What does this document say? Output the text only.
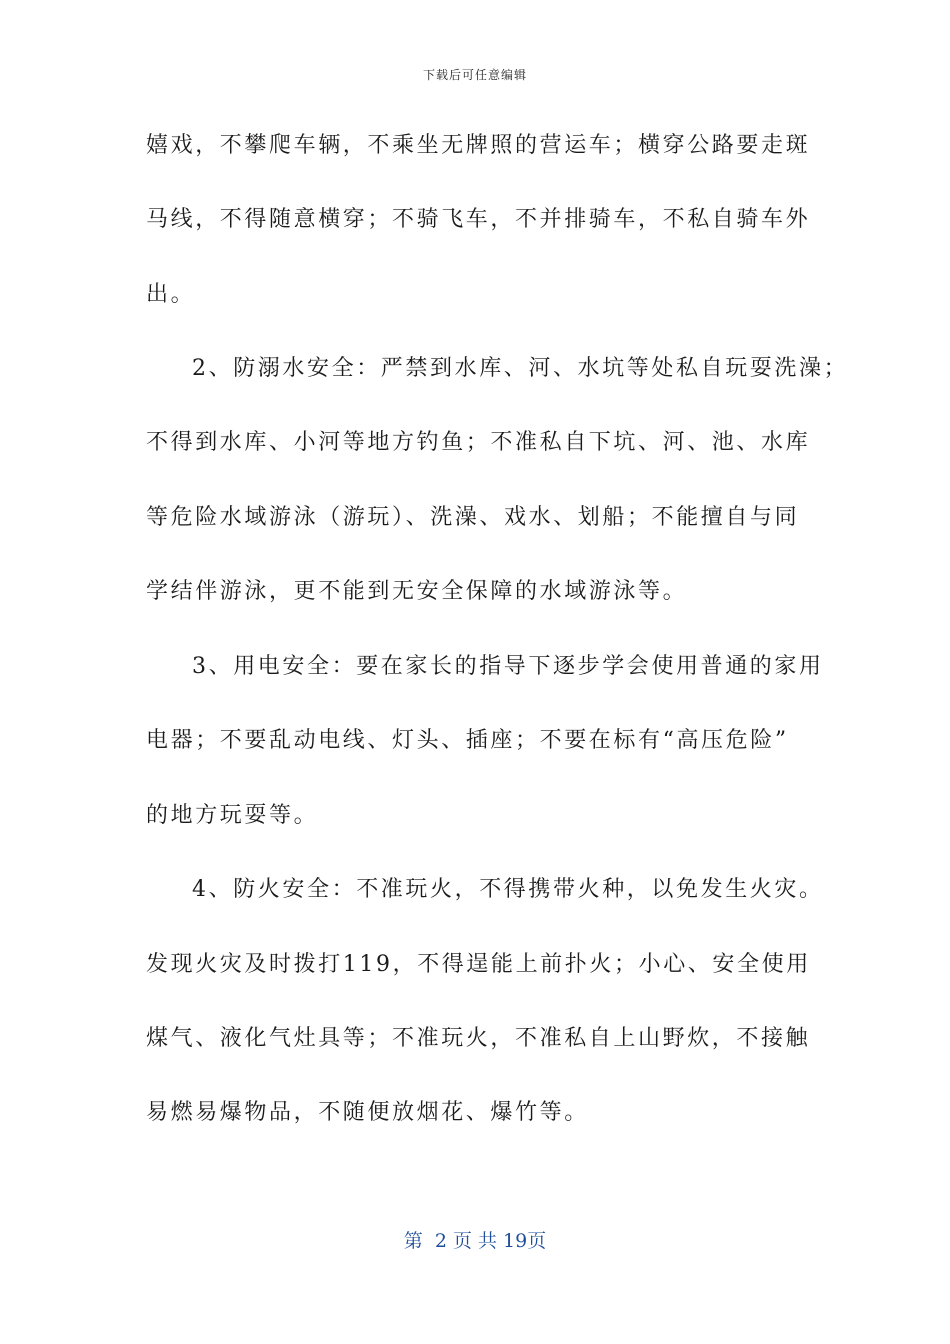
下载后可任意编辑
嬉戏，不攀爬车辆，不乘坐无牌照的营运车；横穿公路要走斑
马线，不得随意横穿；不骑飞车，不并排骑车，不私自骑车外
出。
2、防溺水安全：严禁到水库、河、水坑等处私自玩耍洗澡；
不得到水库、小河等地方钓鱼；不准私自下坑、河、池、水库
等危险水域游泳（游玩）、洗澡、戏水、划船；不能擅自与同
学结伴游泳，更不能到无安全保障的水域游泳等。
3、用电安全：要在家长的指导下逐步学会使用普通的家用
电器；不要乱动电线、灯头、插座；不要在标有“高压危险”
的地方玩耍等。
4、防火安全：不准玩火，不得携带火种，以免发生火灾。
发现火灾及时拨打119，不得逞能上前扑火；小心、安全使用
煤气、液化气灶具等；不准玩火，不准私自上山野炊，不接触
易燃易爆物品，不随便放烟花、爆竹等。
第  2 页 共 19页
